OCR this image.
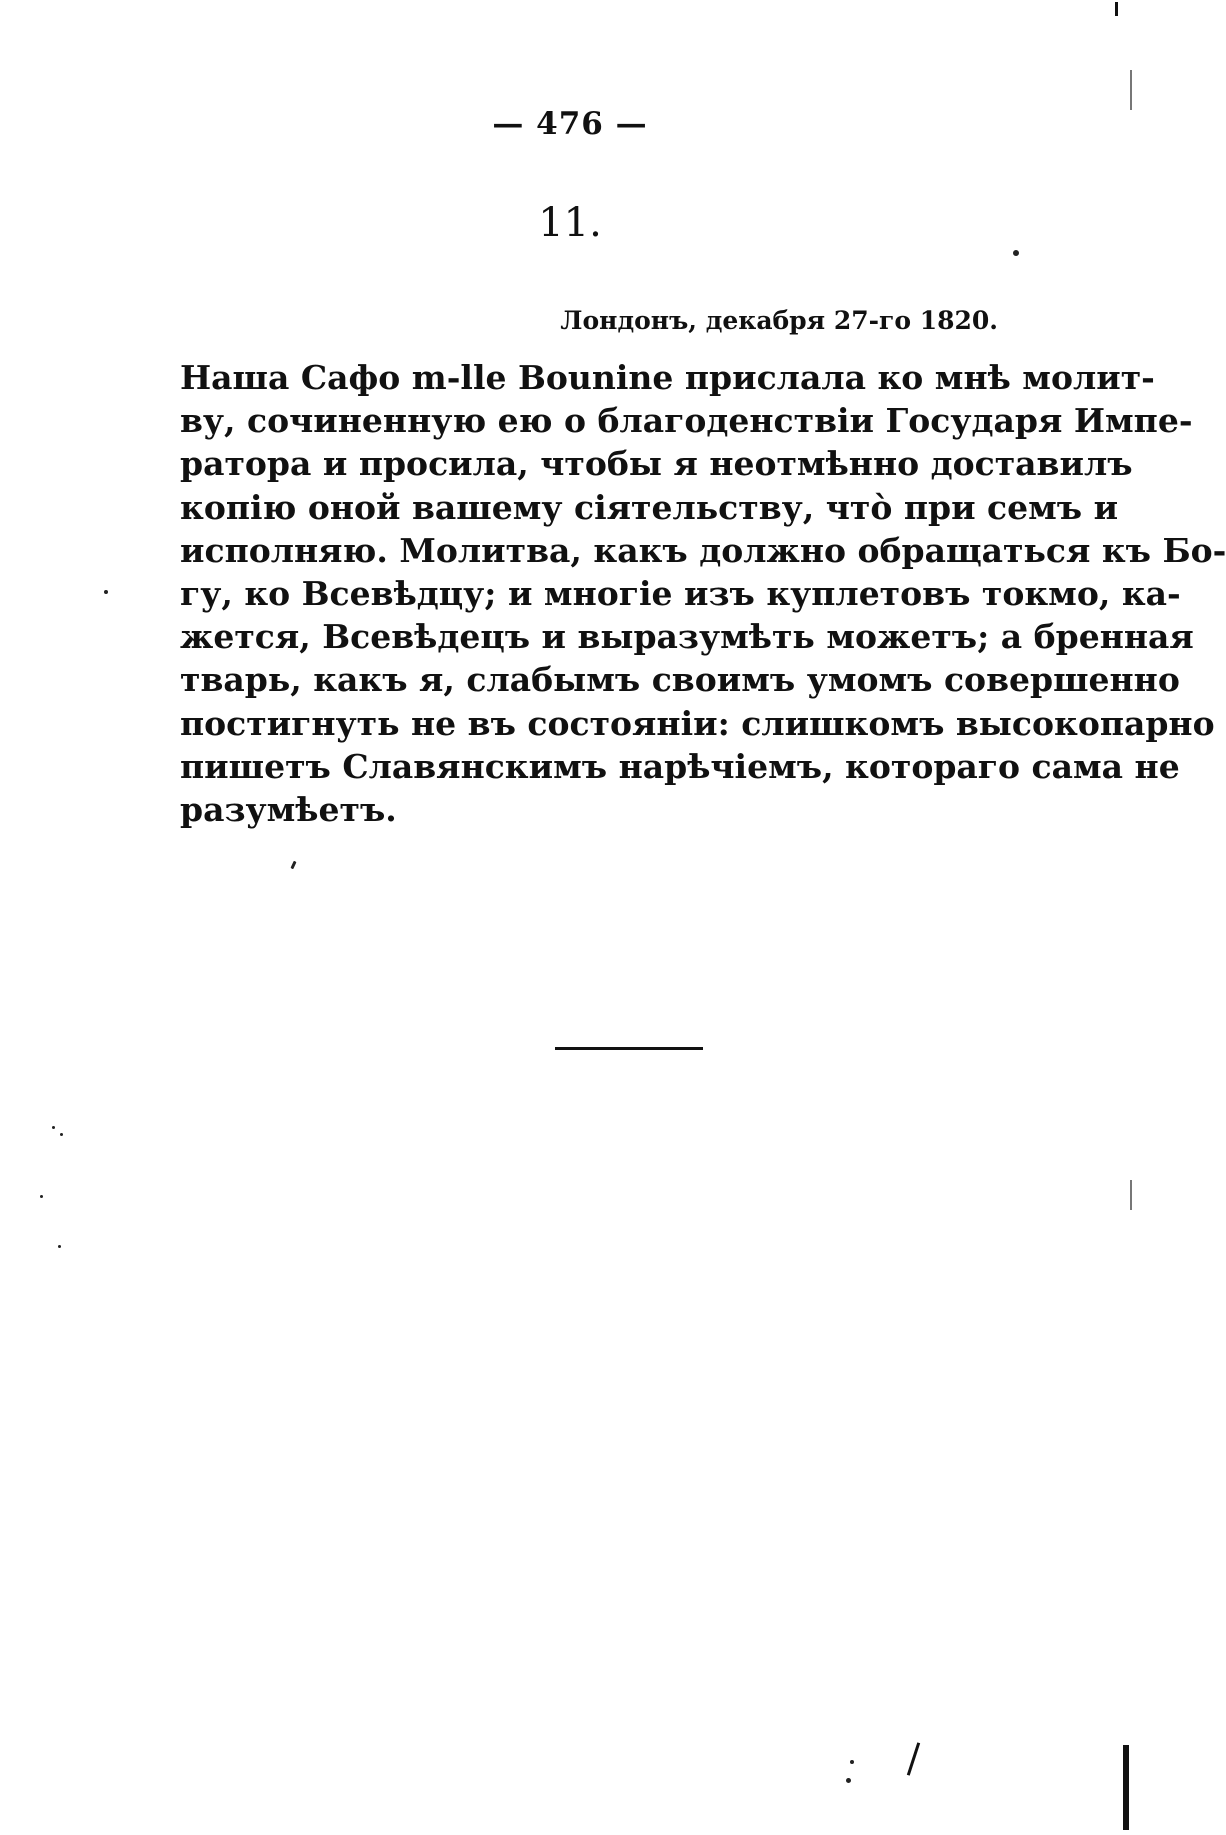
— 476 —
11.
Лондонъ, декабря 27-го 1820.
Наша Сафо m-lle Bounine прислала ко мнѣ молит-
ву, сочиненную ею о благоденствіи Государя Импе-
ратора и просила, чтобы я неотмѣнно доставилъ
копію оной вашему сіятельству, чтò при семъ и
исполняю. Молитва, какъ должно обращаться къ Бо-
гу, ко Всевѣдцу; и многіе изъ куплетовъ токмо, ка-
жется, Всевѣдецъ и выразумѣть можетъ; а бренная
тварь, какъ я, слабымъ своимъ умомъ совершенно
постигнуть не въ состояніи: слишкомъ высокопарно
пишетъ Славянскимъ нарѣчіемъ, котораго сама не
разумѣетъ.
